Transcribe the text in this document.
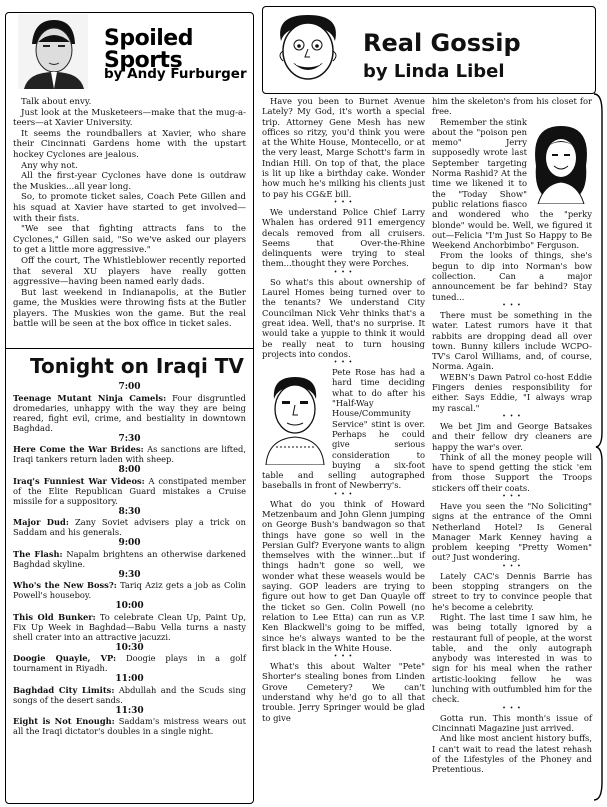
Spoiled Sports
by Andy Furburger

Talk about envy.

Just look at the Musketeers—make that the mug-a-teers—at Xavier University.

It seems the roundballers at Xavier, who share their Cincinnati Gardens home with the upstart hockey Cyclones are jealous.

Any why not.

All the first-year Cyclones have done is outdraw the Muskies...all year long.

So, to promote ticket sales, Coach Pete Gillen and his squad at Xavier have started to get involved—with their fists.

"We see that fighting attracts fans to the Cyclones," Gillen said, "So we've asked our players to get a little more aggressive."

Off the court, The Whistleblower recently reported that several XU players have really gotten aggressive—having been named early dads.

But last weekend in Indianapolis, at the Butler game, the Muskies were throwing fists at the Butler players. The Muskies won the game. But the real battle will be seen at the box office in ticket sales.

Tonight on Iraqi TV
7:00

Teenage Mutant Ninja Camels: Four disgruntled dromedaries, unhappy with the way they are being reared, fight evil, crime, and bestiality in downtown Baghdad.

7:30

Here Come the War Brides: As sanctions are lifted, Iraqi tankers return laden with sheep.

8:00

Iraq's Funniest War Videos: A constipated member of the Elite Republican Guard mistakes a Cruise missile for a suppository.

8:30

Major Dud: Zany Soviet advisers play a trick on Saddam and his generals.

9:00

The Flash: Napalm brightens an otherwise darkened Baghdad skyline.

9:30

Who's the New Boss?: Tariq Aziz gets a job as Colin Powell's houseboy.

10:00

This Old Bunker: To celebrate Clean Up, Paint Up, Fix Up Week in Baghdad—Babu Vella turns a nasty shell crater into an attractive jacuzzi.

10:30

Doogie Quayle, VP: Doogie plays in a golf tournament in Riyadh.

11:00

Baghdad City Limits: Abdullah and the Scuds sing songs of the desert sands.

11:30

Eight is Not Enough: Saddam's mistress wears out all the Iraqi dictator's doubles in a single night.

Real Gossip
by Linda Libel

Have you been to Burnet Avenue Lately? My God, it's worth a special trip. Attorney Gene Mesh has new offices so ritzy, you'd think you were at the White House, Montecello, or at the very least, Marge Schott's farm in Indian Hill. On top of that, the place is lit up like a birthday cake. Wonder how much he's milking his clients just to pay his CG&E bill.

• • •

We understand Police Chief Larry Whalen has ordered 911 emergency decals removed from all cruisers. Seems that Over-the-Rhine delinquents were trying to steal them...thought they were Porches.

• • •

So what's this about ownership of Laurel Homes being turned over to the tenants? We understand City Councilman Nick Vehr thinks that's a great idea. Well, that's no surprise. It would take a yuppie to think it would be really neat to turn housing projects into condos.

• • •

Pete Rose has had a hard time deciding what to do after his "Half-Way House/Community Service" stint is over. Perhaps he could give serious consideration to buying a six-foot table and selling autographed baseballs in front of Newberry's.

• • •

What do you think of Howard Metzenbaum and John Glenn jumping on George Bush's bandwagon so that things have gone so well in the Persian Gulf? Everyone wants to align themselves with the winner...but if things hadn't gone so well, we wonder what these weasels would be saying. GOP leaders are trying to figure out how to get Dan Quayle off the ticket so Gen. Colin Powell (no relation to Lee Etta) can run as V.P. Ken Blackwell's going to be miffed, since he's always wanted to be the first black in the White House.

• • •

What's this about Walter "Pete" Shorter's stealing bones from Linden Grove Cemetery? We can't understand why he'd go to all that trouble. Jerry Springer would be glad to give

him the skeleton's from his closet for free.

Remember the stink about the "poison pen memo" Jerry supposedly wrote last September targeting Norma Rashid? At the time we likened it to the "Today Show" public relations fiasco and wondered who the "perky blonde" would be. Well, we figured it out—Felicia "I'm Just So Happy to Be Weekend Anchorbimbo" Ferguson.

From the looks of things, she's begun to dip into Norman's bow collection. Can a major announcement be far behind? Stay tuned...

• • •

There must be something in the water. Latest rumors have it that rabbits are dropping dead all over town. Bunny killers include WCPO-TV's Carol Williams, and, of course, Norma. Again.

WEBN's Dawn Patrol co-host Eddie Fingers denies responsibility for either. Says Eddie, "I always wrap my rascal."

• • •

We bet Jim and George Batsakes and their fellow dry cleaners are happy the war's over.

Think of all the money people will have to spend getting the stick 'em from those Support the Troops stickers off their coats.

• • •

Have you seen the "No Soliciting" signs at the entrance of the Omni Netherland Hotel? Is General Manager Mark Kenney having a problem keeping "Pretty Women" out? Just wondering.

• • •

Lately CAC's Dennis Barrie has been stopping strangers on the street to try to convince people that he's become a celebrity.

Right. The last time I saw him, he was being totally ignored by a restaurant full of people, at the worst table, and the only autograph anybody was interested in was to sign for his meal when the rather artistic-looking fellow he was lunching with outfumbled him for the check.

• • •

Gotta run. This month's issue of Cincinnati Magazine just arrived.

And like most ancient history buffs, I can't wait to read the latest rehash of the Lifestyles of the Phoney and Pretentious.
